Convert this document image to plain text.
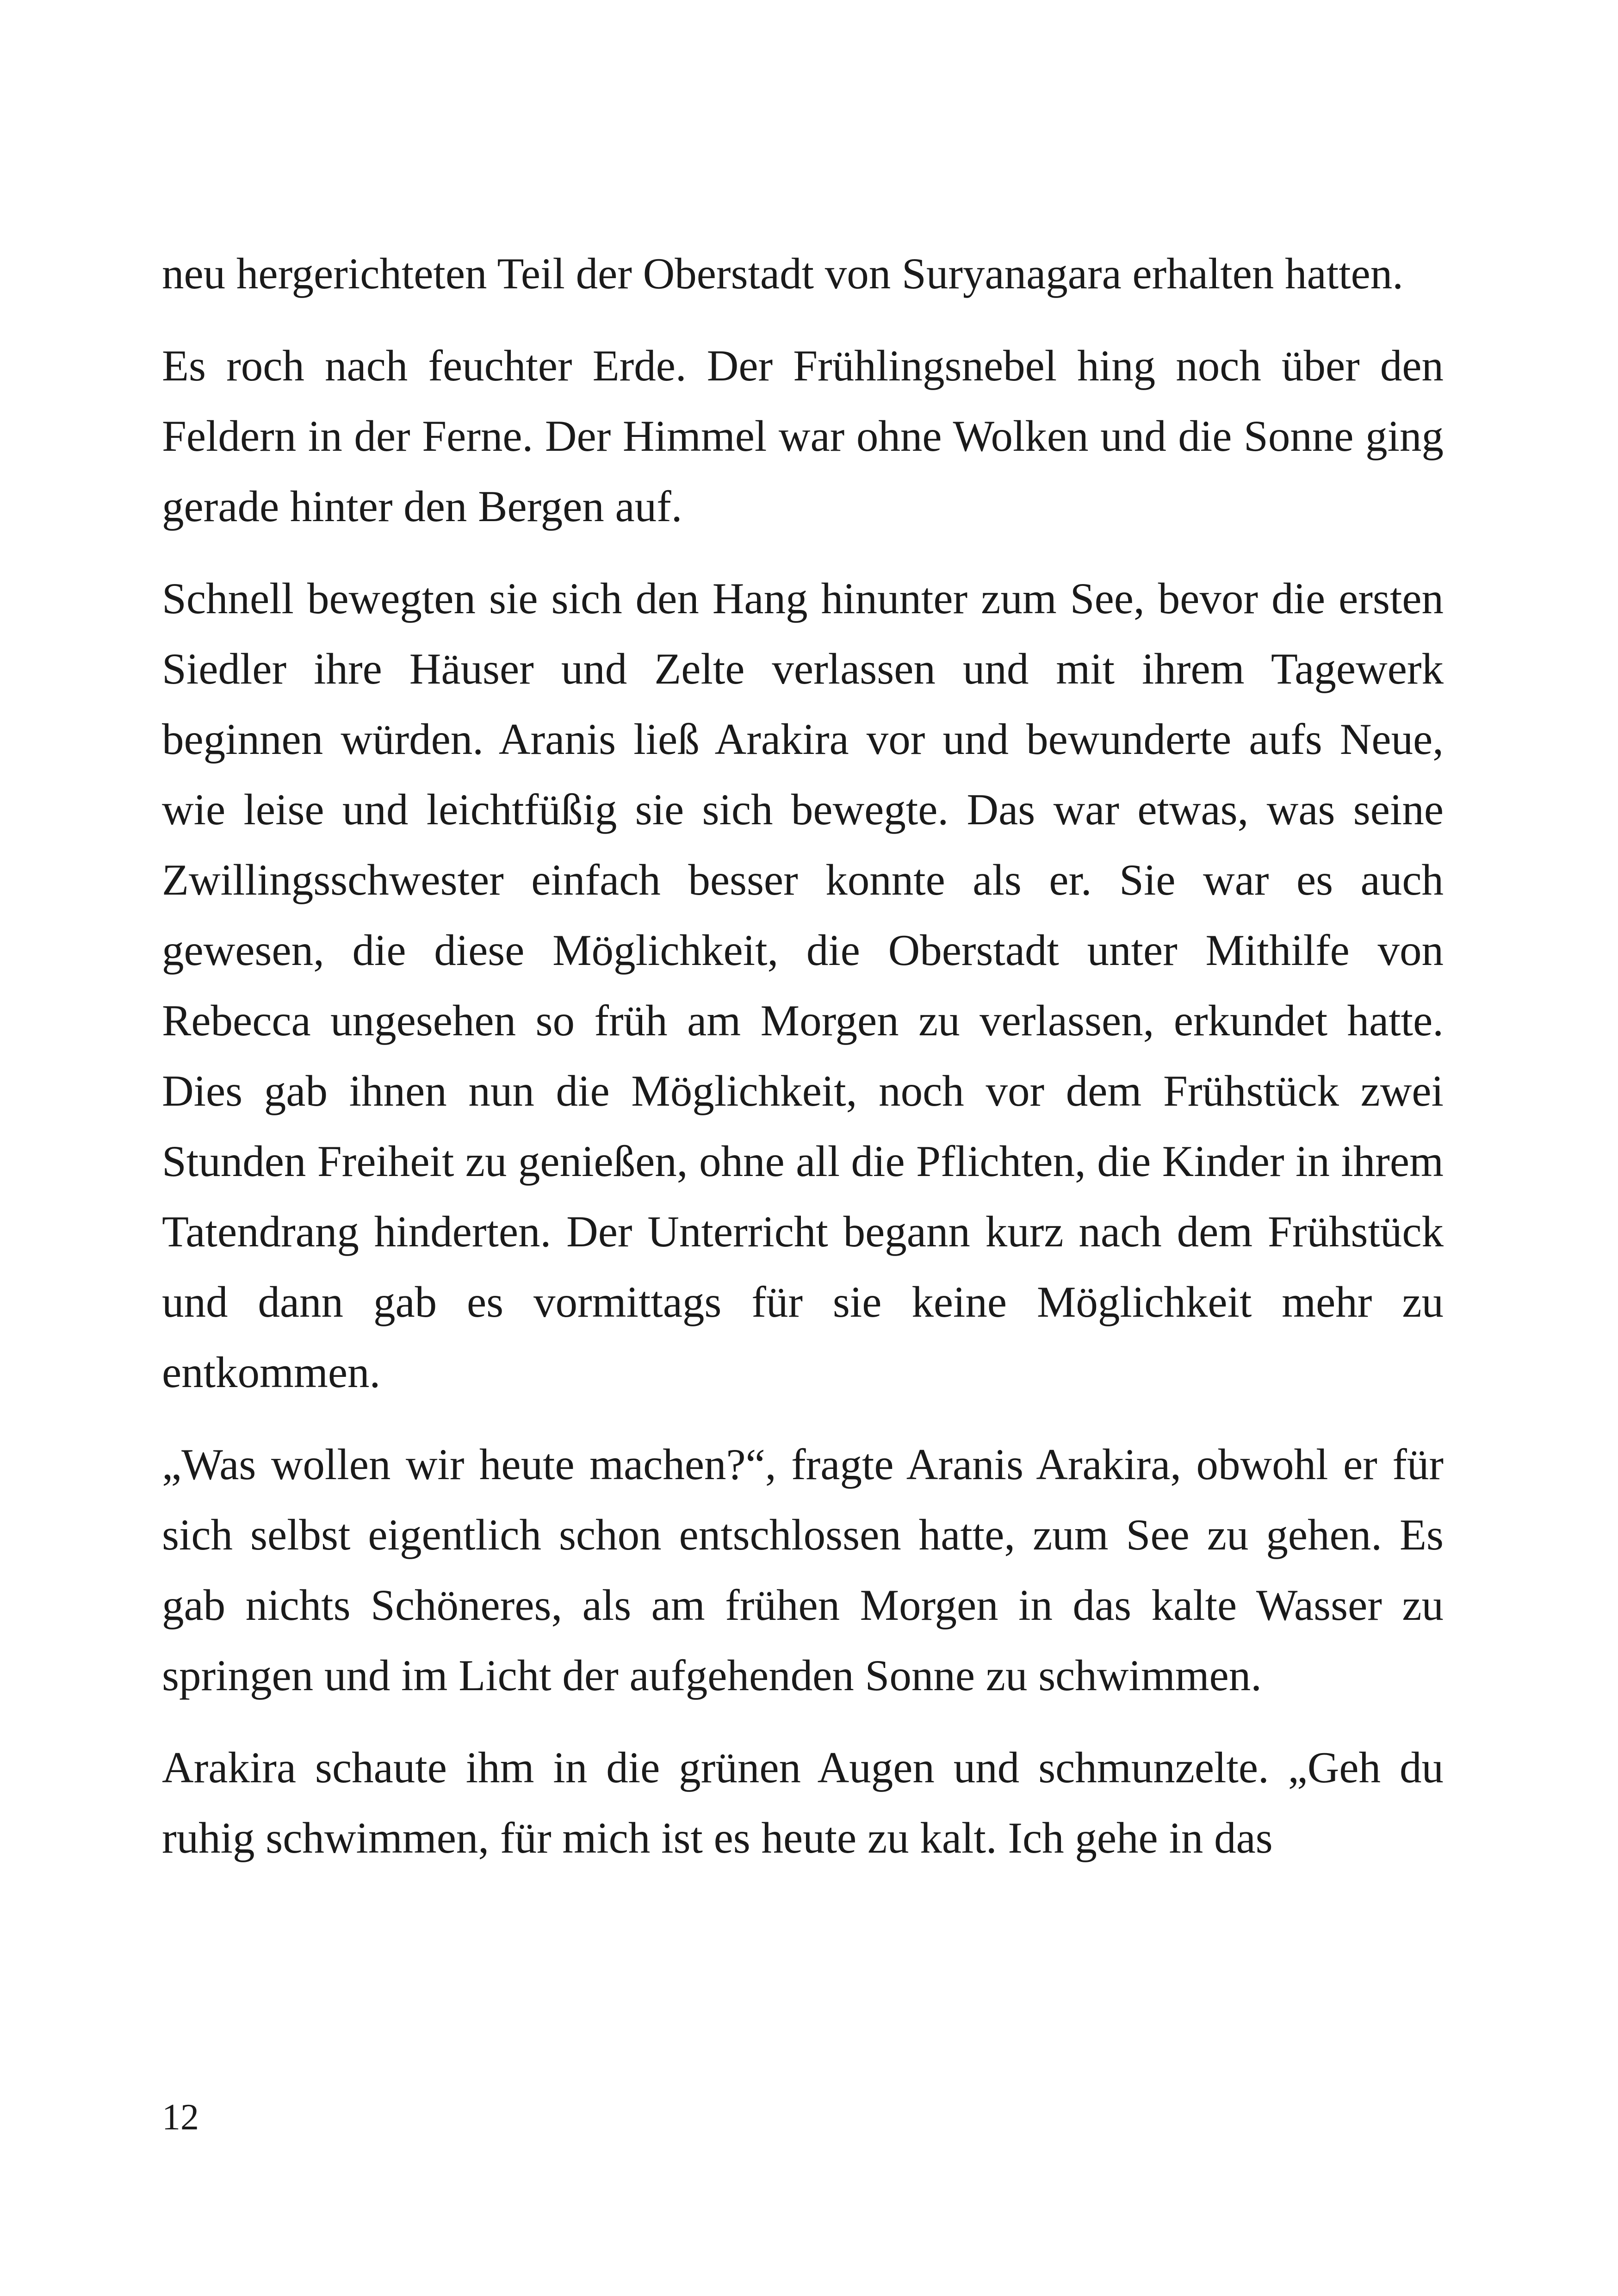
neu hergerichteten Teil der Oberstadt von Suryanagara erhalten hatten.

Es roch nach feuchter Erde. Der Frühlingsnebel hing noch über den Feldern in der Ferne. Der Himmel war ohne Wolken und die Sonne ging gerade hinter den Bergen auf.

Schnell bewegten sie sich den Hang hinunter zum See, bevor die ersten Siedler ihre Häuser und Zelte verlassen und mit ihrem Tagewerk beginnen würden. Aranis ließ Arakira vor und bewunderte aufs Neue, wie leise und leichtfüßig sie sich bewegte. Das war etwas, was seine Zwillingsschwester einfach besser konnte als er. Sie war es auch gewesen, die diese Möglichkeit, die Oberstadt unter Mithilfe von Rebecca ungesehen so früh am Morgen zu verlassen, erkundet hatte. Dies gab ihnen nun die Möglichkeit, noch vor dem Frühstück zwei Stunden Freiheit zu genießen, ohne all die Pflichten, die Kinder in ihrem Tatendrang hinderten. Der Unterricht begann kurz nach dem Frühstück und dann gab es vormittags für sie keine Möglichkeit mehr zu entkommen.

„Was wollen wir heute machen?“, fragte Aranis Arakira, obwohl er für sich selbst eigentlich schon entschlossen hatte, zum See zu gehen. Es gab nichts Schöneres, als am frühen Morgen in das kalte Wasser zu springen und im Licht der aufgehenden Sonne zu schwimmen.

Arakira schaute ihm in die grünen Augen und schmunzelte. „Geh du ruhig schwimmen, für mich ist es heute zu kalt. Ich gehe in das

12
